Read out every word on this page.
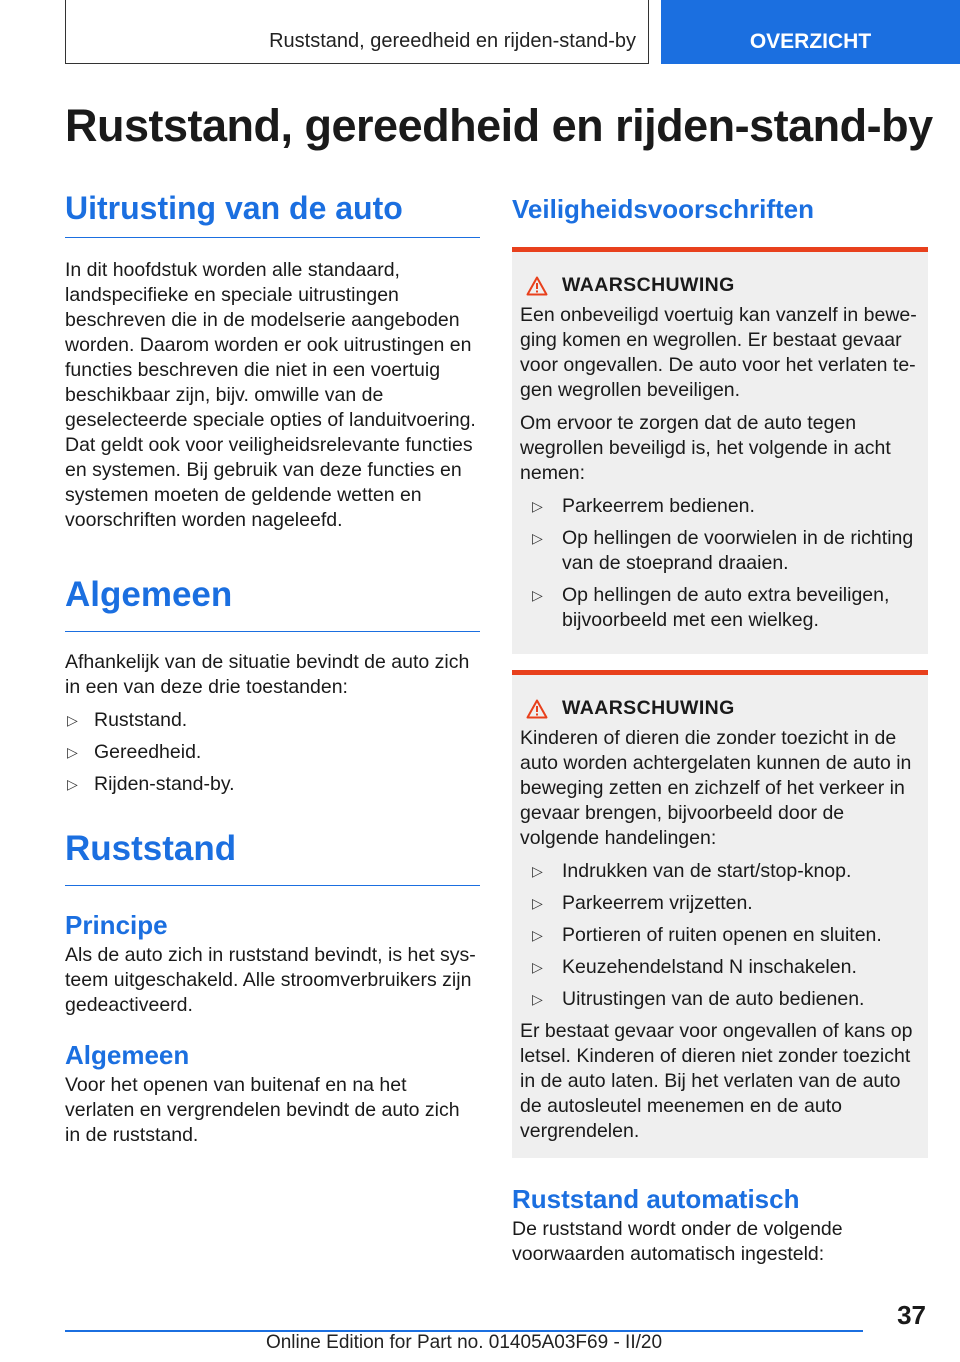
Ruststand, gereedheid en rijden-stand-by	OVERZICHT
Ruststand, gereedheid en rijden-stand-by
Uitrusting van de auto

In dit hoofdstuk worden alle standaard, landspecifieke en speciale uitrustingen beschreven die in de modelserie aangeboden worden. Daarom worden er ook uitrustingen en functies beschreven die niet in een voertuig beschikbaar zijn, bijv. omwille van de geselecteerde speciale opties of landuitvoering. Dat geldt ook voor veiligheidsrelevante functies en systemen. Bij gebruik van deze functies en systemen moeten de geldende wetten en voorschriften worden nageleefd.

Algemeen

Afhankelijk van de situatie bevindt de auto zich in een van deze drie toestanden:

▷ Ruststand.
▷ Gereedheid.
▷ Rijden-stand-by.
Ruststand
Principe

Als de auto zich in ruststand bevindt, is het systeem uitgeschakeld. Alle stroomverbruikers zijn gedeactiveerd.

Algemeen

Voor het openen van buitenaf en na het verlaten en vergrendelen bevindt de auto zich in de ruststand.

Veiligheidsvoorschriften
WAARSCHUWING

Een onbeveiligd voertuig kan vanzelf in beweging komen en wegrollen. Er bestaat gevaar voor ongevallen. De auto voor het verlaten tegen wegrollen beveiligen.

Om ervoor te zorgen dat de auto tegen wegrollen beveiligd is, het volgende in acht nemen:

▷ Parkeerrem bedienen.
▷ Op hellingen de voorwielen in de richting van de stoeprand draaien.
▷ Op hellingen de auto extra beveiligen, bijvoorbeeld met een wielkeg.
WAARSCHUWING

Kinderen of dieren die zonder toezicht in de auto worden achtergelaten kunnen de auto in beweging zetten en zichzelf of het verkeer in gevaar brengen, bijvoorbeeld door de volgende handelingen:

▷ Indrukken van de start/stop-knop.
▷ Parkeerrem vrijzetten.
▷ Portieren of ruiten openen en sluiten.
▷ Keuzehendelstand N inschakelen.
▷ Uitrustingen van de auto bedienen.

Er bestaat gevaar voor ongevallen of kans op letsel. Kinderen of dieren niet zonder toezicht in de auto laten. Bij het verlaten van de auto de autosleutel meenemen en de auto vergrendelen.

Ruststand automatisch

De ruststand wordt onder de volgende voorwaarden automatisch ingesteld:

37
Online Edition for Part no. 01405A03F69 - II/20
